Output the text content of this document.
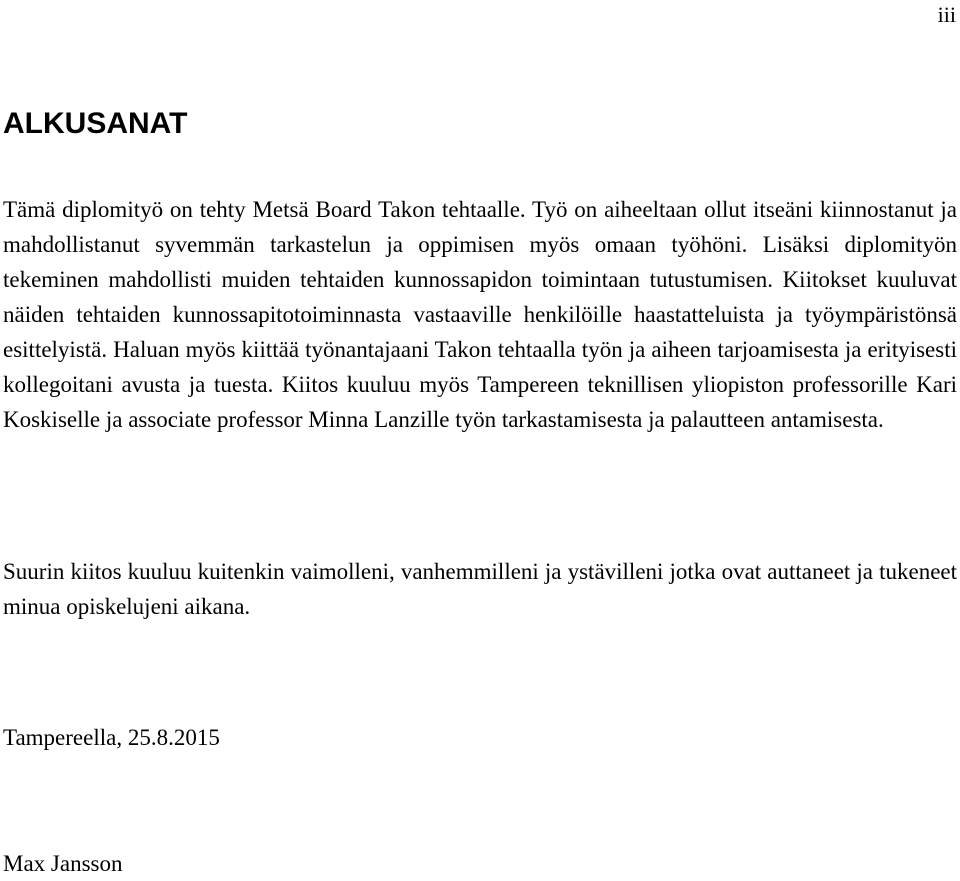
iii
ALKUSANAT

Tämä diplomityö on tehty Metsä Board Takon tehtaalle. Työ on aiheeltaan ollut itseäni kiinnostanut ja mahdollistanut syvemmän tarkastelun ja oppimisen myös omaan työhöni. Lisäksi diplomityön tekeminen mahdollisti muiden tehtaiden kunnossapidon toimintaan tutustumisen. Kiitokset kuuluvat näiden tehtaiden kunnossapitotoiminnasta vastaaville henkilöille haastatteluista ja työympäristönsä esittelyistä. Haluan myös kiittää työnantajaani Takon tehtaalla työn ja aiheen tarjoamisesta ja erityisesti kollegoitani avusta ja tuesta. Kiitos kuuluu myös Tampereen teknillisen yliopiston professorille Kari Koskiselle ja associate professor Minna Lanzille työn tarkastamisesta ja palautteen antamisesta.

Suurin kiitos kuuluu kuitenkin vaimolleni, vanhemmilleni ja ystävilleni jotka ovat auttaneet ja tukeneet minua opiskelujeni aikana.

Tampereella, 25.8.2015

Max Jansson
